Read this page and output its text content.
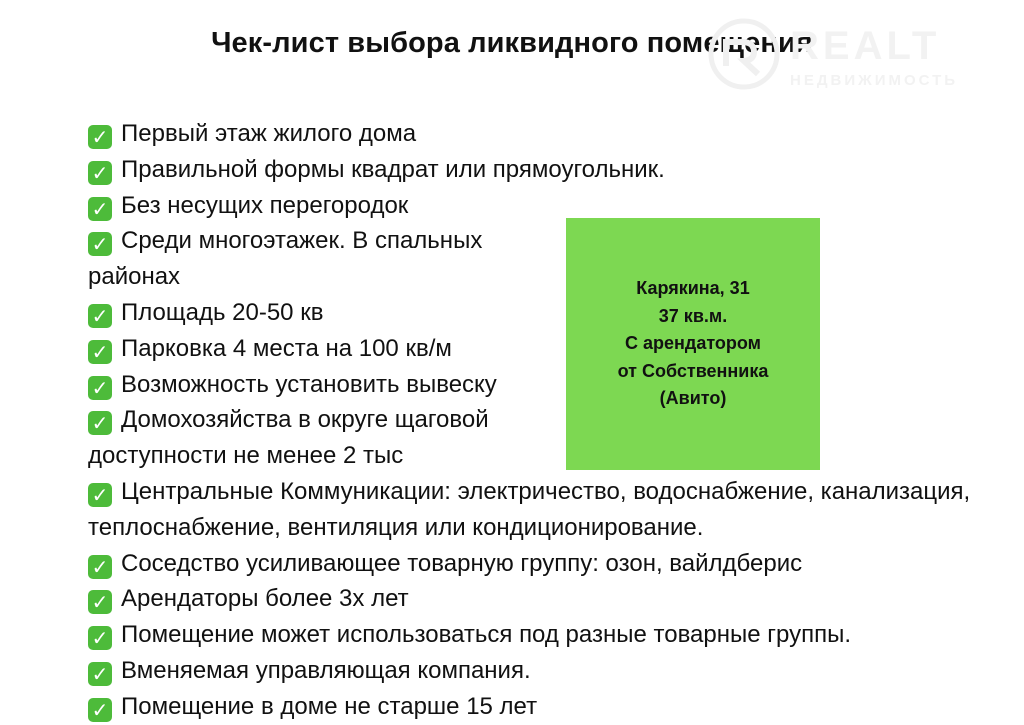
Чек-лист выбора ликвидного помещения
REALT
НЕДВИЖИМОСТЬ
✓ Первый этаж жилого дома
✓ Правильной формы квадрат или прямоугольник.
✓ Без несущих перегородок
✓ Среди многоэтажек. В спальных районах
✓ Площадь 20-50 кв
✓ Парковка 4 места на 100 кв/м
✓ Возможность установить вывеску
✓ Домохозяйства в округе щаговой доступности не менее 2 тыс
✓ Центральные Коммуникации: электричество, водоснабжение, канализация, теплоснабжение, вентиляция или кондиционирование.
✓ Соседство усиливающее товарную группу: озон, вайлдберис
✓ Арендаторы более 3х лет
✓ Помещение может использоваться под разные товарные группы.
✓ Вменяемая управляющая компания.
✓ Помещение в доме не старше 15 лет
Карякина, 31
37 кв.м.
С арендатором
от Собственника
(Авито)
